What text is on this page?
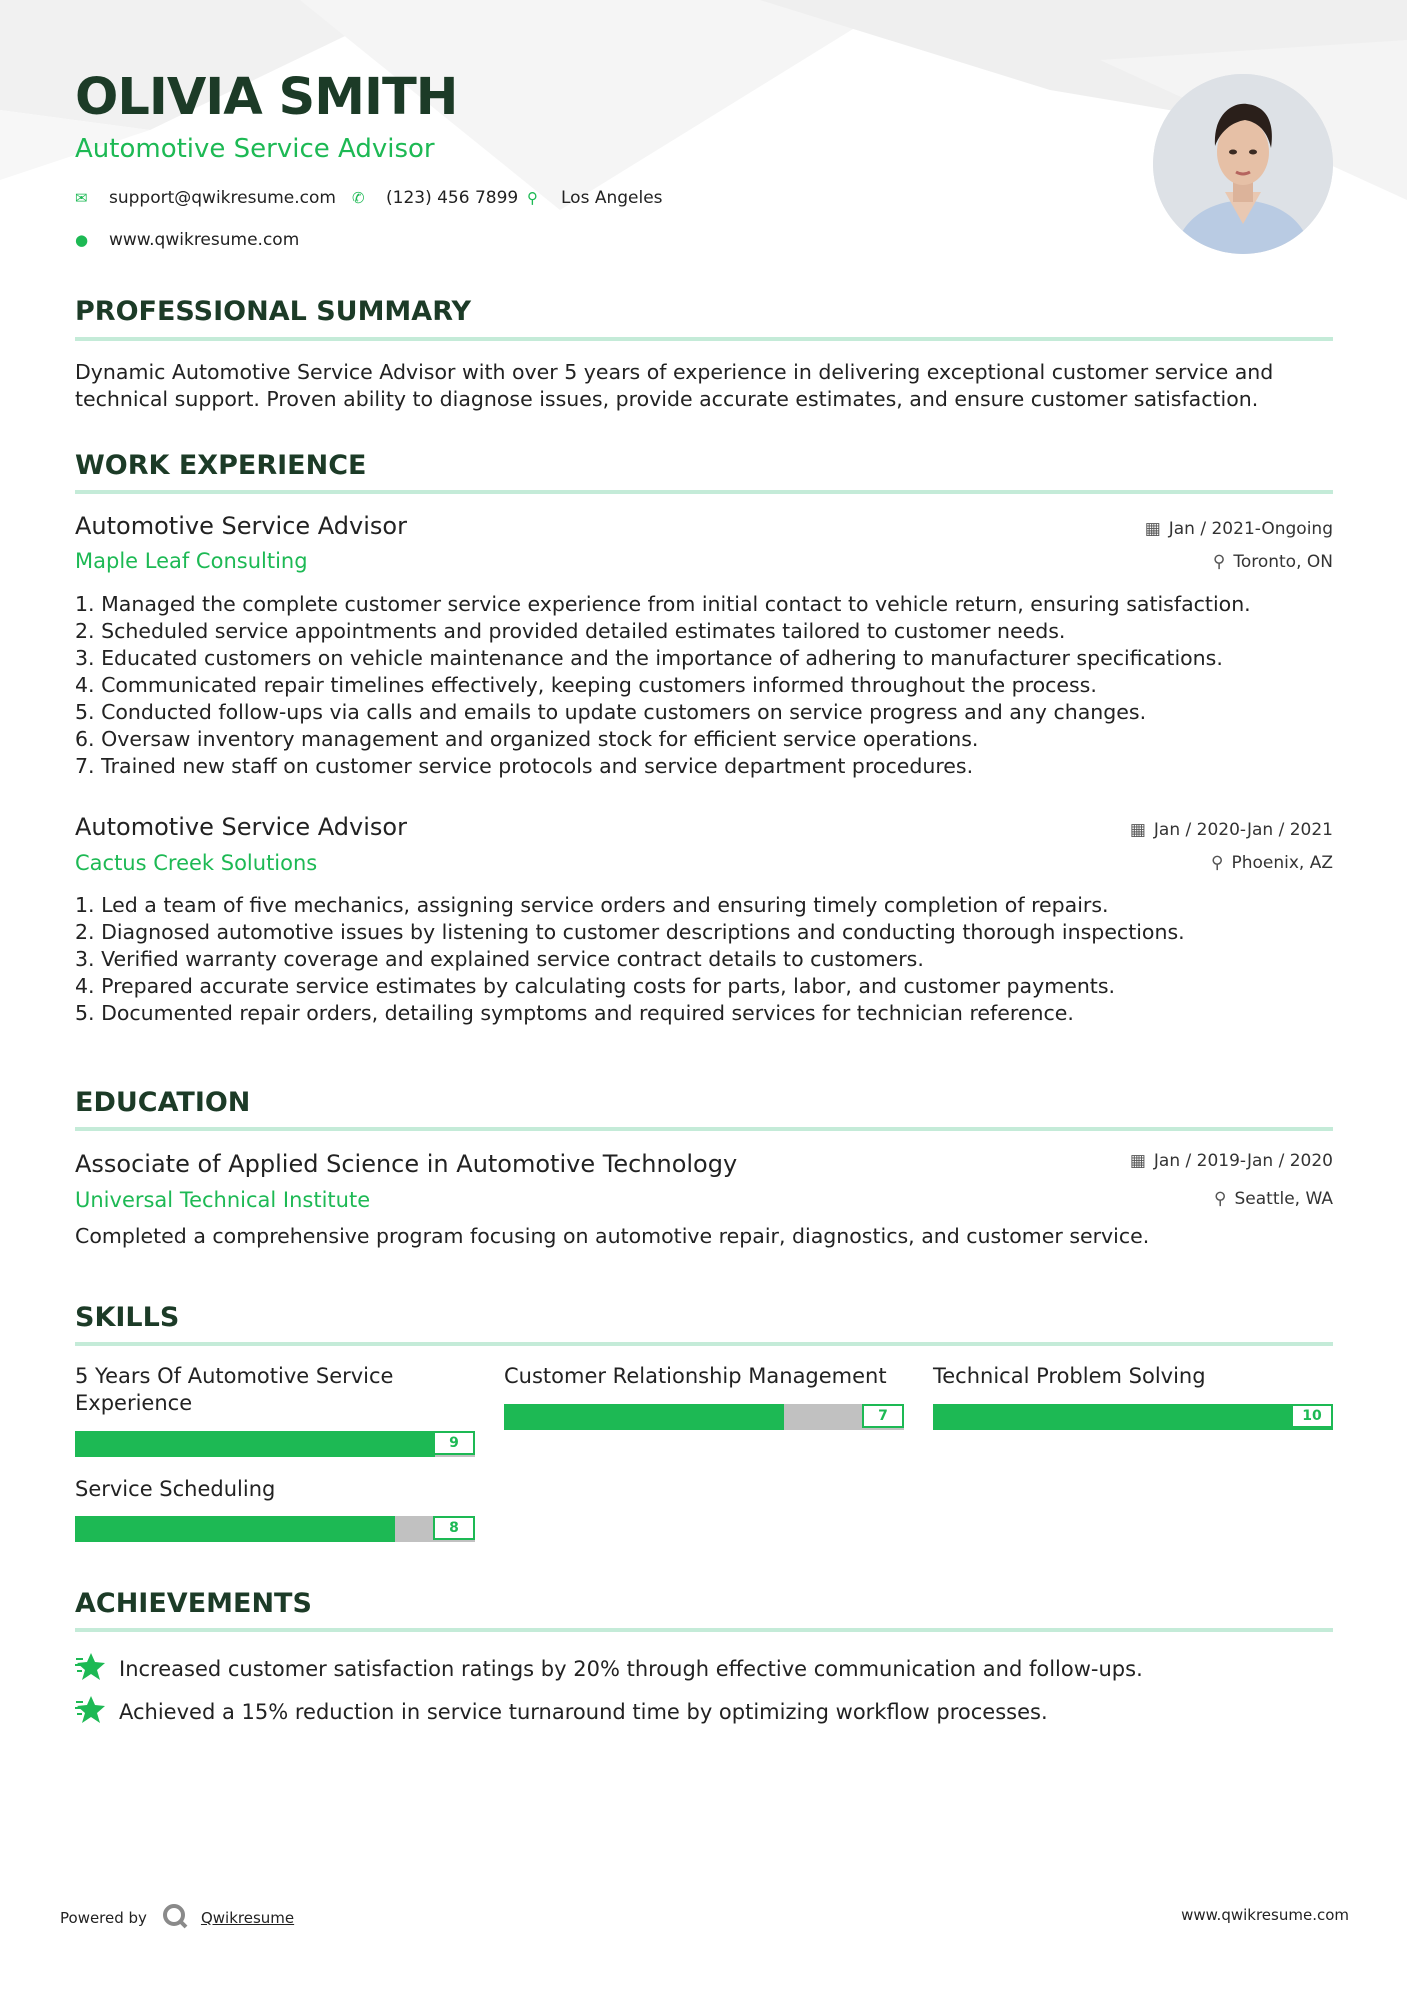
OLIVIA SMITH
Automotive Service Advisor
✉	support@qwikresume.com ✆	(123) 456 7899 ⚲	Los Angeles
●	www.qwikresume.com
PROFESSIONAL SUMMARY
Dynamic Automotive Service Advisor with over 5 years of experience in delivering exceptional customer service and technical support. Proven ability to diagnose issues, provide accurate estimates, and ensure customer satisfaction.
WORK EXPERIENCE
Automotive Service Advisor
Maple Leaf Consulting
▦ Jan / 2021-Ongoing
⚲ Toronto, ON
1. Managed the complete customer service experience from initial contact to vehicle return, ensuring satisfaction.
2. Scheduled service appointments and provided detailed estimates tailored to customer needs.
3. Educated customers on vehicle maintenance and the importance of adhering to manufacturer specifications.
4. Communicated repair timelines effectively, keeping customers informed throughout the process.
5. Conducted follow-ups via calls and emails to update customers on service progress and any changes.
6. Oversaw inventory management and organized stock for efficient service operations.
7. Trained new staff on customer service protocols and service department procedures.
Automotive Service Advisor
Cactus Creek Solutions
▦ Jan / 2020-Jan / 2021
⚲ Phoenix, AZ
1. Led a team of five mechanics, assigning service orders and ensuring timely completion of repairs.
2. Diagnosed automotive issues by listening to customer descriptions and conducting thorough inspections.
3. Verified warranty coverage and explained service contract details to customers.
4. Prepared accurate service estimates by calculating costs for parts, labor, and customer payments.
5. Documented repair orders, detailing symptoms and required services for technician reference.
EDUCATION
Associate of Applied Science in Automotive Technology
Universal Technical Institute
▦ Jan / 2019-Jan / 2020
⚲ Seattle, WA
Completed a comprehensive program focusing on automotive repair, diagnostics, and customer service.
SKILLS
5 Years Of Automotive Service Experience
9
Customer Relationship Management
7
Technical Problem Solving
10
Service Scheduling
8
ACHIEVEMENTS
Increased customer satisfaction ratings by 20% through effective communication and follow-ups.
Achieved a 15% reduction in service turnaround time by optimizing workflow processes.
Powered by	Qwikresume	www.qwikresume.com
